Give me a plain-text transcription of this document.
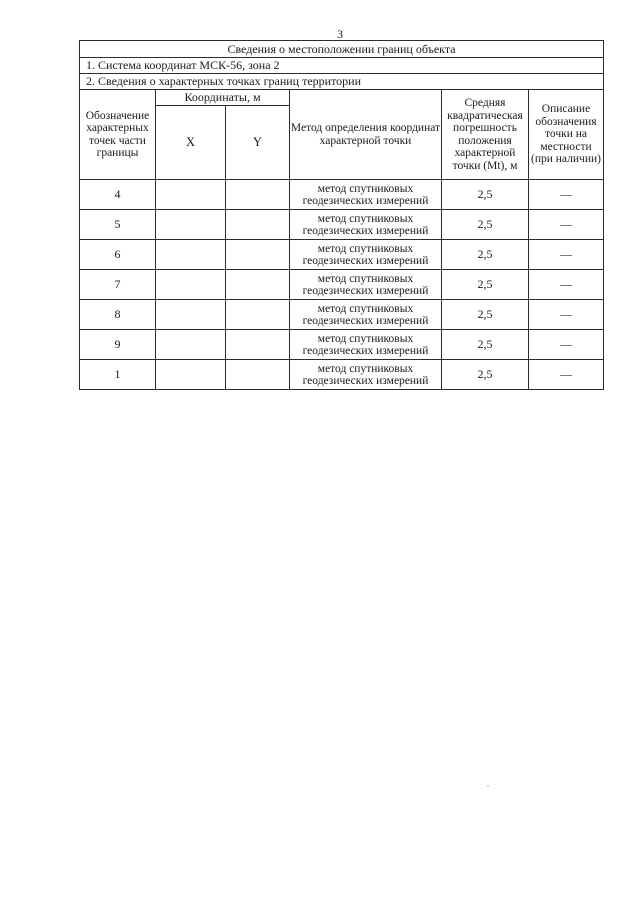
3
Сведения о местоположении границ объекта					
1. Система координат МСК-56, зона 2					
2. Сведения о характерных точках границ территории					
Обозначение характерных точек части границы	Координаты, м		Метод определения координат характерной точки	Средняя квадратическая погрешность положения характерной точки (Mt), м	Описание обозначения точки на местности (при наличии)
	X	Y			
4			метод спутниковых геодезических измерений	2,5	—
5			метод спутниковых геодезических измерений	2,5	—
6			метод спутниковых геодезических измерений	2,5	—
7			метод спутниковых геодезических измерений	2,5	—
8			метод спутниковых геодезических измерений	2,5	—
9			метод спутниковых геодезических измерений	2,5	—
1			метод спутниковых геодезических измерений	2,5	—
